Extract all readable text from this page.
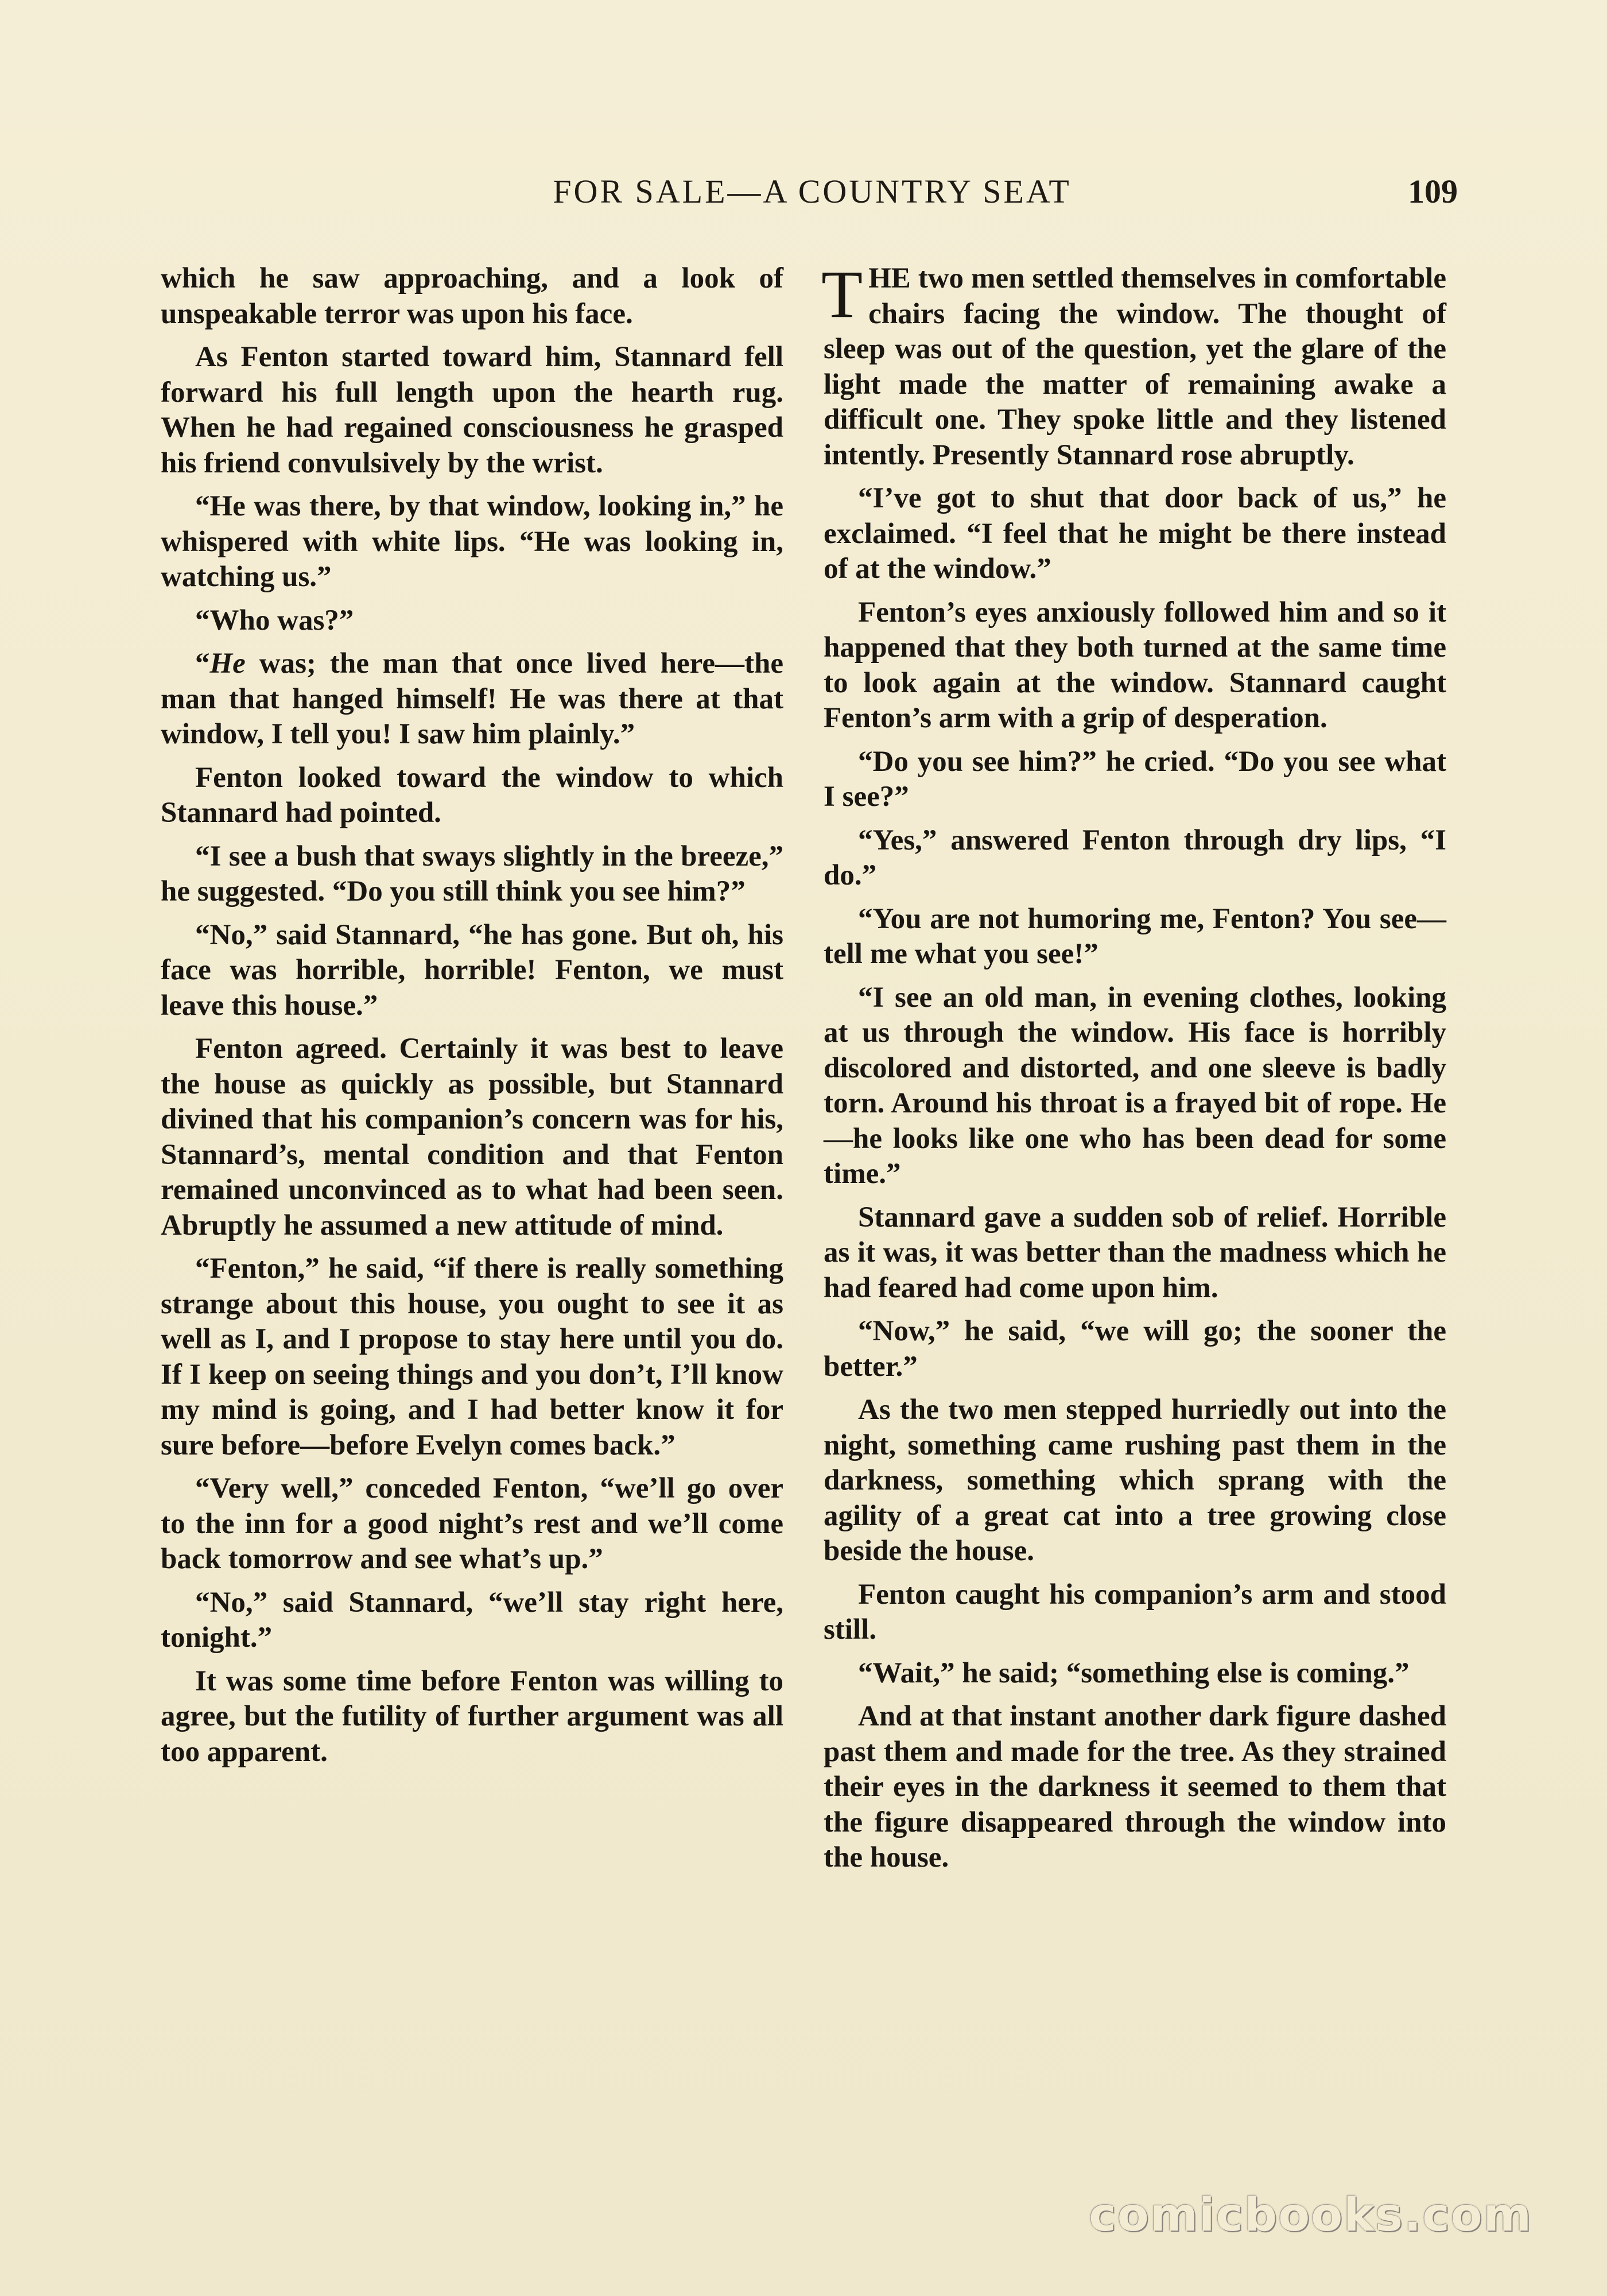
FOR SALE—A COUNTRY SEAT	109

which he saw approaching, and a look of unspeakable terror was upon his face.

As Fenton started toward him, Stannard fell forward his full length upon the hearth rug. When he had regained consciousness he grasped his friend convulsively by the wrist.

“He was there, by that window, looking in,” he whispered with white lips. “He was looking in, watching us.”

“Who was?”

“He was; the man that once lived here—the man that hanged himself! He was there at that window, I tell you! I saw him plainly.”

Fenton looked toward the window to which Stannard had pointed.

“I see a bush that sways slightly in the breeze,” he suggested. “Do you still think you see him?”

“No,” said Stannard, “he has gone. But oh, his face was horrible, horrible! Fenton, we must leave this house.”

Fenton agreed. Certainly it was best to leave the house as quickly as possible, but Stannard divined that his companion’s concern was for his, Stannard’s, mental condition and that Fenton remained unconvinced as to what had been seen. Abruptly he assumed a new attitude of mind.

“Fenton,” he said, “if there is really something strange about this house, you ought to see it as well as I, and I propose to stay here until you do. If I keep on seeing things and you don’t, I’ll know my mind is going, and I had better know it for sure before—before Evelyn comes back.”

“Very well,” conceded Fenton, “we’ll go over to the inn for a good night’s rest and we’ll come back tomorrow and see what’s up.”

“No,” said Stannard, “we’ll stay right here, tonight.”

It was some time before Fenton was willing to agree, but the futility of further argument was all too apparent.

THE two men settled themselves in comfortable chairs facing the window. The thought of sleep was out of the question, yet the glare of the light made the matter of remaining awake a difficult one. They spoke little and they listened intently. Presently Stannard rose abruptly.

“I’ve got to shut that door back of us,” he exclaimed. “I feel that he might be there instead of at the window.”

Fenton’s eyes anxiously followed him and so it happened that they both turned at the same time to look again at the window. Stannard caught Fenton’s arm with a grip of desperation.

“Do you see him?” he cried. “Do you see what I see?”

“Yes,” answered Fenton through dry lips, “I do.”

“You are not humoring me, Fenton? You see—tell me what you see!”

“I see an old man, in evening clothes, looking at us through the window. His face is horribly discolored and distorted, and one sleeve is badly torn. Around his throat is a frayed bit of rope. He—he looks like one who has been dead for some time.”

Stannard gave a sudden sob of relief. Horrible as it was, it was better than the madness which he had feared had come upon him.

“Now,” he said, “we will go; the sooner the better.”

As the two men stepped hurriedly out into the night, something came rushing past them in the darkness, something which sprang with the agility of a great cat into a tree growing close beside the house.

Fenton caught his companion’s arm and stood still.

“Wait,” he said; “something else is coming.”

And at that instant another dark figure dashed past them and made for the tree. As they strained their eyes in the darkness it seemed to them that the figure disappeared through the window into the house.

comicbooks.com
